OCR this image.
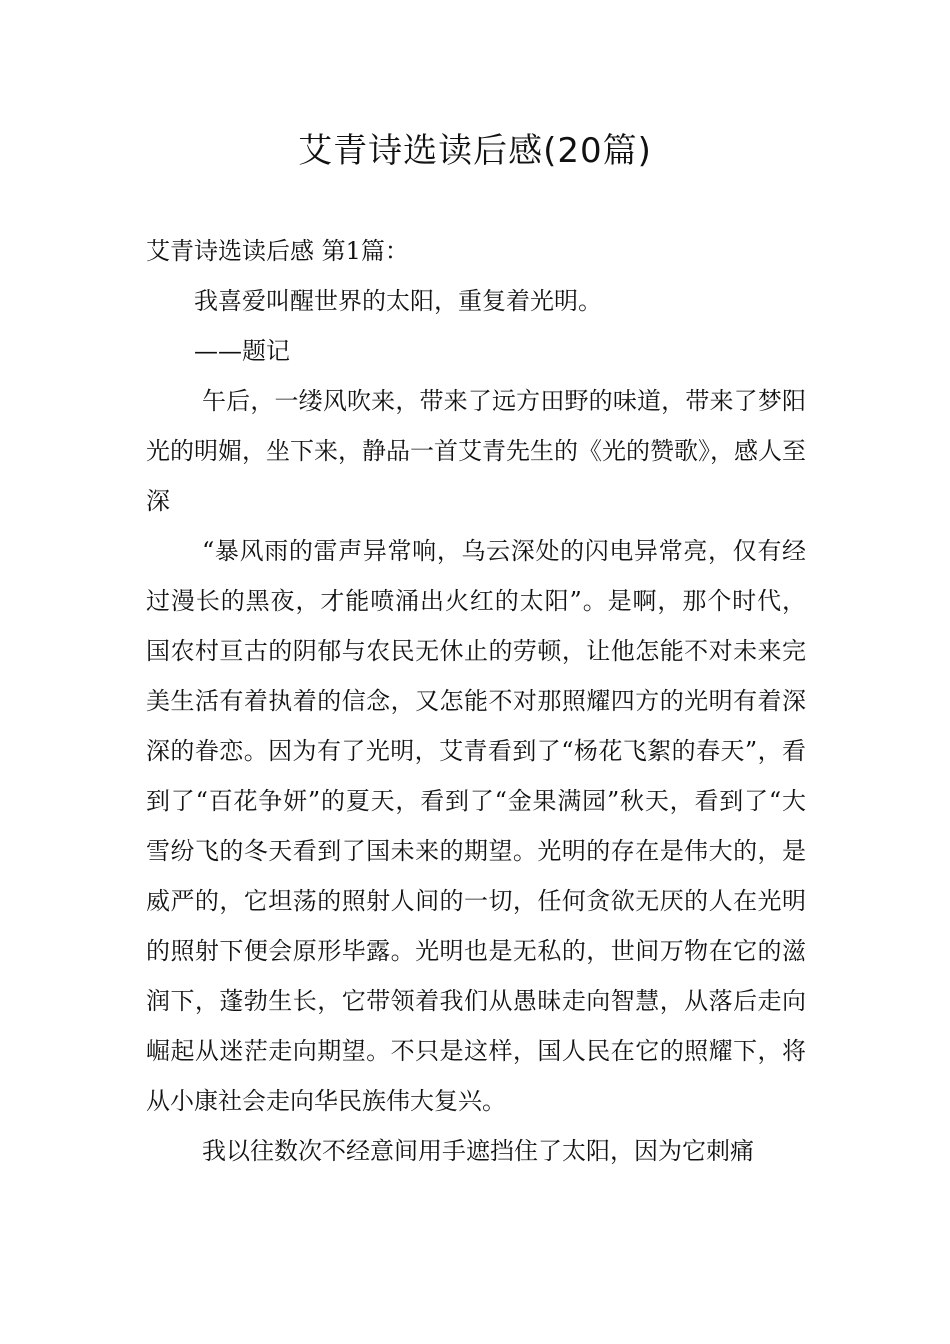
艾青诗选读后感(20篇)

艾青诗选读后感 第1篇：

我喜爱叫醒世界的太阳，重复着光明。

——题记

午后，一缕风吹来，带来了远方田野的味道，带来了梦阳光的明媚，坐下来，静品一首艾青先生的《光的赞歌》，感人至深

“暴风雨的雷声异常响，乌云深处的闪电异常亮，仅有经过漫长的黑夜，才能喷涌出火红的太阳”。是啊，那个时代，国农村亘古的阴郁与农民无休止的劳顿，让他怎能不对未来完美生活有着执着的信念，又怎能不对那照耀四方的光明有着深深的眷恋。因为有了光明，艾青看到了“杨花飞絮的春天”，看到了“百花争妍”的夏天，看到了“金果满园”秋天，看到了“大雪纷飞的冬天看到了国未来的期望。光明的存在是伟大的，是威严的，它坦荡的照射人间的一切，任何贪欲无厌的人在光明的照射下便会原形毕露。光明也是无私的，世间万物在它的滋润下，蓬勃生长，它带领着我们从愚昧走向智慧，从落后走向崛起从迷茫走向期望。不只是这样，国人民在它的照耀下，将从小康社会走向华民族伟大复兴。

我以往数次不经意间用手遮挡住了太阳，因为它刺痛
